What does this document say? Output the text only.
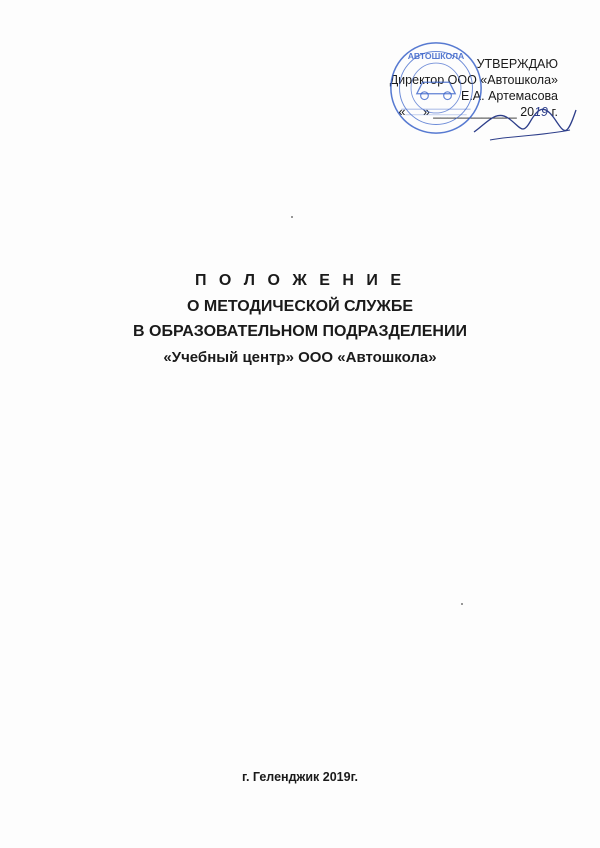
УТВЕРЖДАЮ
Директор ООО «Автошкола»
Е.А. Артемасова
« » ____________ 2019 г.
АВТОШКОЛА
П О Л О Ж Е Н И Е
О МЕТОДИЧЕСКОЙ СЛУЖБЕ
В ОБРАЗОВАТЕЛЬНОМ ПОДРАЗДЕЛЕНИИ
«Учебный центр» ООО «Автошкола»
г. Геленджик 2019г.
